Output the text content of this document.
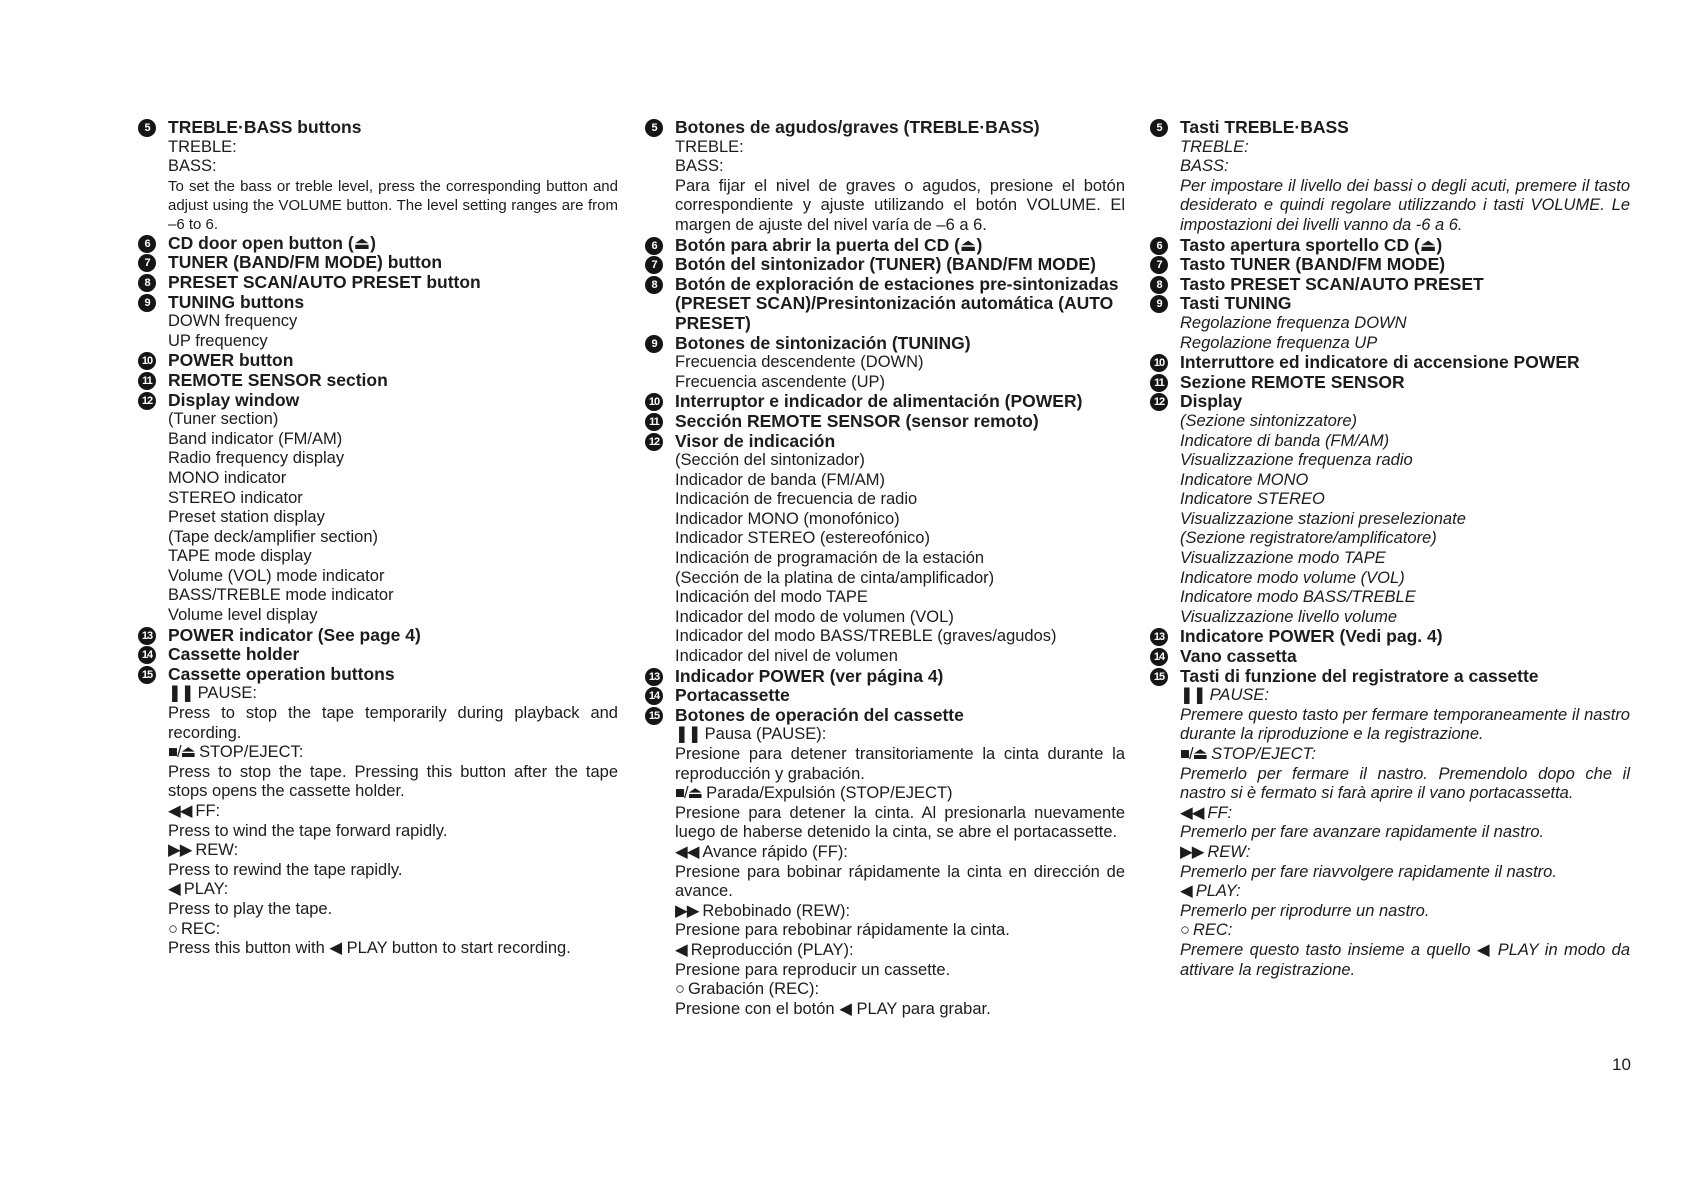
5	TREBLE·BASS buttons
TREBLE:
BASS:
To set the bass or treble level, press the corresponding button and adjust using the VOLUME button. The level setting ranges are from –6 to 6.
6	CD door open button (⏏)
7	TUNER (BAND/FM MODE) button
8	PRESET SCAN/AUTO PRESET button
9	TUNING buttons
DOWN frequency
UP frequency
10 POWER button
11 REMOTE SENSOR section
12 Display window
(Tuner section)
Band indicator (FM/AM)
Radio frequency display
MONO indicator
STEREO indicator
Preset station display
(Tape deck/amplifier section)
TAPE mode display
Volume (VOL) mode indicator
BASS/TREBLE mode indicator
Volume level display
13 POWER indicator (See page 4)
14 Cassette holder
15 Cassette operation buttons
❚❚ PAUSE:
Press to stop the tape temporarily during playback and recording.
■/⏏ STOP/EJECT:
Press to stop the tape. Pressing this button after the tape stops opens the cassette holder.
◀◀ FF:
Press to wind the tape forward rapidly.
▶▶ REW:
Press to rewind the tape rapidly.
◀ PLAY:
Press to play the tape.
○ REC:
Press this button with ◀ PLAY button to start recording.
5	Botones de agudos/graves (TREBLE·BASS)
TREBLE:
BASS:
Para fijar el nivel de graves o agudos, presione el botón correspondiente y ajuste utilizando el botón VOLUME. El margen de ajuste del nivel varía de –6 a 6.
6	Botón para abrir la puerta del CD (⏏)
7	Botón del sintonizador (TUNER) (BAND/FM MODE)
8	Botón de exploración de estaciones pre-sintonizadas (PRESET SCAN)/Presintonización automática (AUTO PRESET)
9	Botones de sintonización (TUNING)
Frecuencia descendente (DOWN)
Frecuencia ascendente (UP)
10 Interruptor e indicador de alimentación (POWER)
11 Sección REMOTE SENSOR (sensor remoto)
12 Visor de indicación
(Sección del sintonizador)
Indicador de banda (FM/AM)
Indicación de frecuencia de radio
Indicador MONO (monofónico)
Indicador STEREO (estereofónico)
Indicación de programación de la estación
(Sección de la platina de cinta/amplificador)
Indicación del modo TAPE
Indicador del modo de volumen (VOL)
Indicador del modo BASS/TREBLE (graves/agudos)
Indicador del nivel de volumen
13 Indicador POWER (ver página 4)
14 Portacassette
15 Botones de operación del cassette
❚❚ Pausa (PAUSE):
Presione para detener transitoriamente la cinta durante la reproducción y grabación.
■/⏏ Parada/Expulsión (STOP/EJECT)
Presione para detener la cinta. Al presionarla nuevamente luego de haberse detenido la cinta, se abre el portacassette.
◀◀ Avance rápido (FF):
Presione para bobinar rápidamente la cinta en dirección de avance.
▶▶ Rebobinado (REW):
Presione para rebobinar rápidamente la cinta.
◀ Reproducción (PLAY):
Presione para reproducir un cassette.
○ Grabación (REC):
Presione con el botón ◀ PLAY para grabar.
5	Tasti TREBLE·BASS
TREBLE:
BASS:
Per impostare il livello dei bassi o degli acuti, premere il tasto desiderato e quindi regolare utilizzando i tasti VOLUME. Le impostazioni dei livelli vanno da -6 a 6.
6	Tasto apertura sportello CD (⏏)
7	Tasto TUNER (BAND/FM MODE)
8	Tasto PRESET SCAN/AUTO PRESET
9	Tasti TUNING
Regolazione frequenza DOWN
Regolazione frequenza UP
10 Interruttore ed indicatore di accensione POWER
11 Sezione REMOTE SENSOR
12 Display
(Sezione sintonizzatore)
Indicatore di banda (FM/AM)
Visualizzazione frequenza radio
Indicatore MONO
Indicatore STEREO
Visualizzazione stazioni preselezionate
(Sezione registratore/amplificatore)
Visualizzazione modo TAPE
Indicatore modo volume (VOL)
Indicatore modo BASS/TREBLE
Visualizzazione livello volume
13 Indicatore POWER (Vedi pag. 4)
14 Vano cassetta
15 Tasti di funzione del registratore a cassette
❚❚ PAUSE:
Premere questo tasto per fermare temporaneamente il nastro durante la riproduzione e la registrazione.
■/⏏ STOP/EJECT:
Premerlo per fermare il nastro. Premendolo dopo che il nastro si è fermato si farà aprire il vano portacassetta.
◀◀ FF:
Premerlo per fare avanzare rapidamente il nastro.
▶▶ REW:
Premerlo per fare riavvolgere rapidamente il nastro.
◀ PLAY:
Premerlo per riprodurre un nastro.
○ REC:
Premere questo tasto insieme a quello ◀ PLAY in modo da attivare la registrazione.
10
